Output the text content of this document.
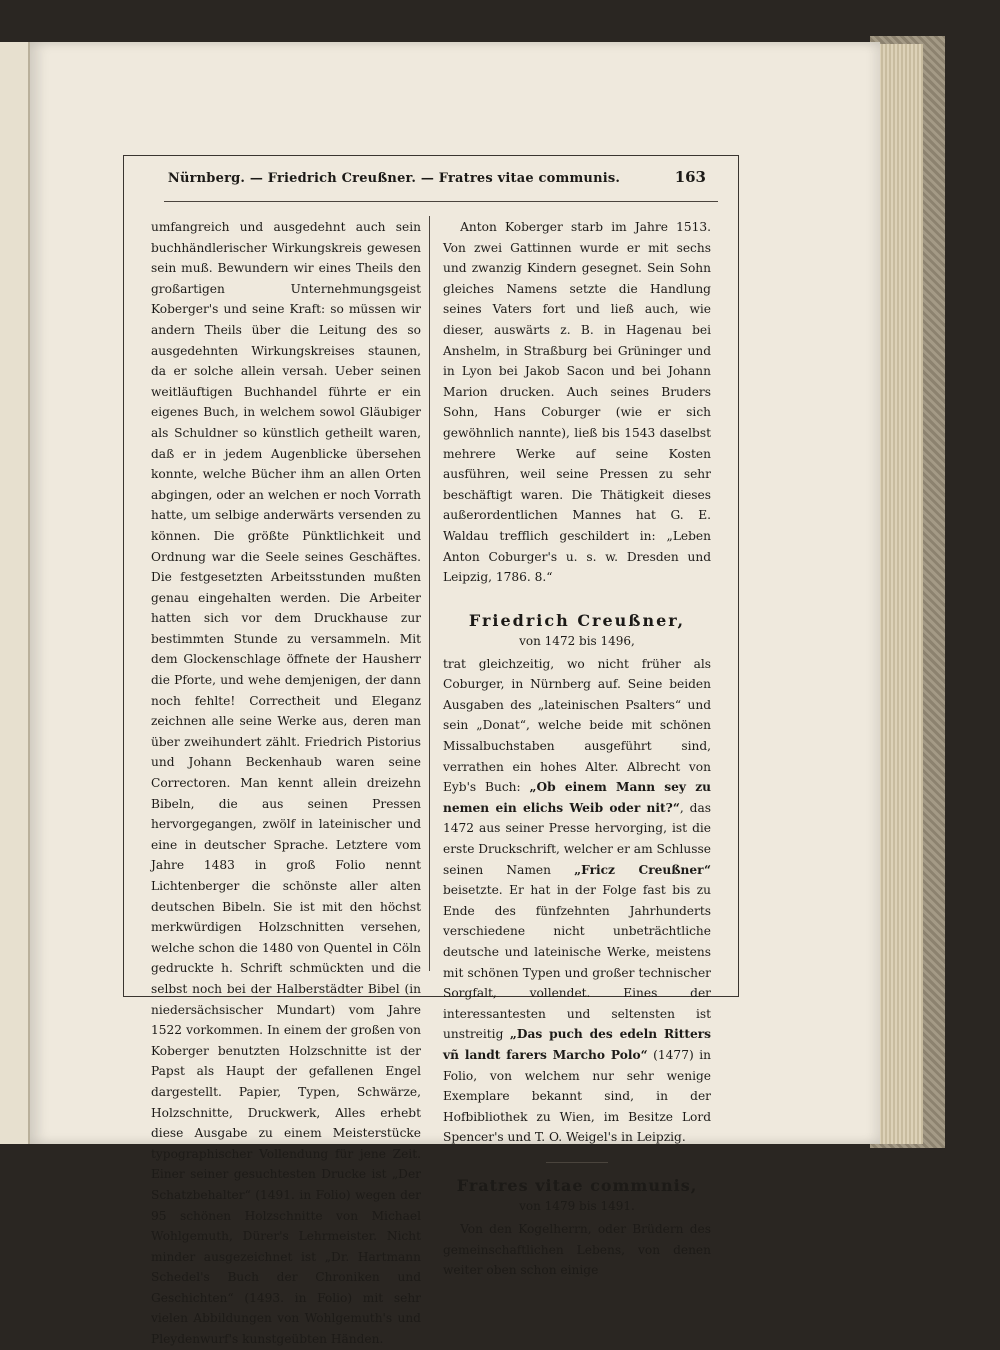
Nürnberg. — Friedrich Creußner. — Fratres vitae communis.	163

umfangreich und ausgedehnt auch sein buchhändlerischer Wirkungskreis gewesen sein muß. Bewundern wir eines Theils den großartigen Unternehmungsgeist Koberger's und seine Kraft: so müssen wir andern Theils über die Leitung des so ausgedehnten Wirkungskreises staunen, da er solche allein versah. Ueber seinen weitläuftigen Buchhandel führte er ein eigenes Buch, in welchem sowol Gläubiger als Schuldner so künstlich getheilt waren, daß er in jedem Augenblicke übersehen konnte, welche Bücher ihm an allen Orten abgingen, oder an welchen er noch Vorrath hatte, um selbige anderwärts versenden zu können. Die größte Pünktlichkeit und Ordnung war die Seele seines Geschäftes. Die festgesetzten Arbeitsstunden mußten genau eingehalten werden. Die Arbeiter hatten sich vor dem Druckhause zur bestimmten Stunde zu versammeln. Mit dem Glockenschlage öffnete der Hausherr die Pforte, und wehe demjenigen, der dann noch fehlte! Correctheit und Eleganz zeichnen alle seine Werke aus, deren man über zweihundert zählt. Friedrich Pistorius und Johann Beckenhaub waren seine Correctoren. Man kennt allein dreizehn Bibeln, die aus seinen Pressen hervorgegangen, zwölf in lateinischer und eine in deutscher Sprache. Letztere vom Jahre 1483 in groß Folio nennt Lichtenberger die schönste aller alten deutschen Bibeln. Sie ist mit den höchst merkwürdigen Holzschnitten versehen, welche schon die 1480 von Quentel in Cöln gedruckte h. Schrift schmückten und die selbst noch bei der Halberstädter Bibel (in niedersächsischer Mundart) vom Jahre 1522 vorkommen. In einem der großen von Koberger benutzten Holzschnitte ist der Papst als Haupt der gefallenen Engel dargestellt. Papier, Typen, Schwärze, Holzschnitte, Druckwerk, Alles erhebt diese Ausgabe zu einem Meisterstücke typographischer Vollendung für jene Zeit. Einer seiner gesuchtesten Drucke ist „Der Schatzbehalter“ (1491. in Folio) wegen der 95 schönen Holzschnitte von Michael Wohlgemuth, Dürer's Lehrmeister. Nicht minder ausgezeichnet ist „Dr. Hartmann Schedel's Buch der Chroniken und Geschichten“ (1493. in Folio) mit sehr vielen Abbildungen von Wohlgemuth's und Pleydenwurf's kunstgeübten Händen.

Anton Koberger starb im Jahre 1513. Von zwei Gattinnen wurde er mit sechs und zwanzig Kindern gesegnet. Sein Sohn gleiches Namens setzte die Handlung seines Vaters fort und ließ auch, wie dieser, auswärts z. B. in Hagenau bei Anshelm, in Straßburg bei Grüninger und in Lyon bei Jakob Sacon und bei Johann Marion drucken. Auch seines Bruders Sohn, Hans Coburger (wie er sich gewöhnlich nannte), ließ bis 1543 daselbst mehrere Werke auf seine Kosten ausführen, weil seine Pressen zu sehr beschäftigt waren. Die Thätigkeit dieses außerordentlichen Mannes hat G. E. Waldau trefflich geschildert in: „Leben Anton Coburger's u. s. w. Dresden und Leipzig, 1786. 8.“

Friedrich Creußner,
von 1472 bis 1496,

trat gleichzeitig, wo nicht früher als Coburger, in Nürnberg auf. Seine beiden Ausgaben des „lateinischen Psalters“ und sein „Donat“, welche beide mit schönen Missalbuchstaben ausgeführt sind, verrathen ein hohes Alter. Albrecht von Eyb's Buch: „Ob einem Mann sey zu nemen ein elichs Weib oder nit?“, das 1472 aus seiner Presse hervorging, ist die erste Druckschrift, welcher er am Schlusse seinen Namen „Fricz Creußner“ beisetzte. Er hat in der Folge fast bis zu Ende des fünfzehnten Jahrhunderts verschiedene nicht unbeträchtliche deutsche und lateinische Werke, meistens mit schönen Typen und großer technischer Sorgfalt, vollendet. Eines der interessantesten und seltensten ist unstreitig „Das puch des edeln Ritters vñ landt farers Marcho Polo“ (1477) in Folio, von welchem nur sehr wenige Exemplare bekannt sind, in der Hofbibliothek zu Wien, im Besitze Lord Spencer's und T. O. Weigel's in Leipzig.

Fratres vitae communis,
von 1479 bis 1491.

Von den Kogelherrn, oder Brüdern des gemeinschaftlichen Lebens, von denen weiter oben schon einige
